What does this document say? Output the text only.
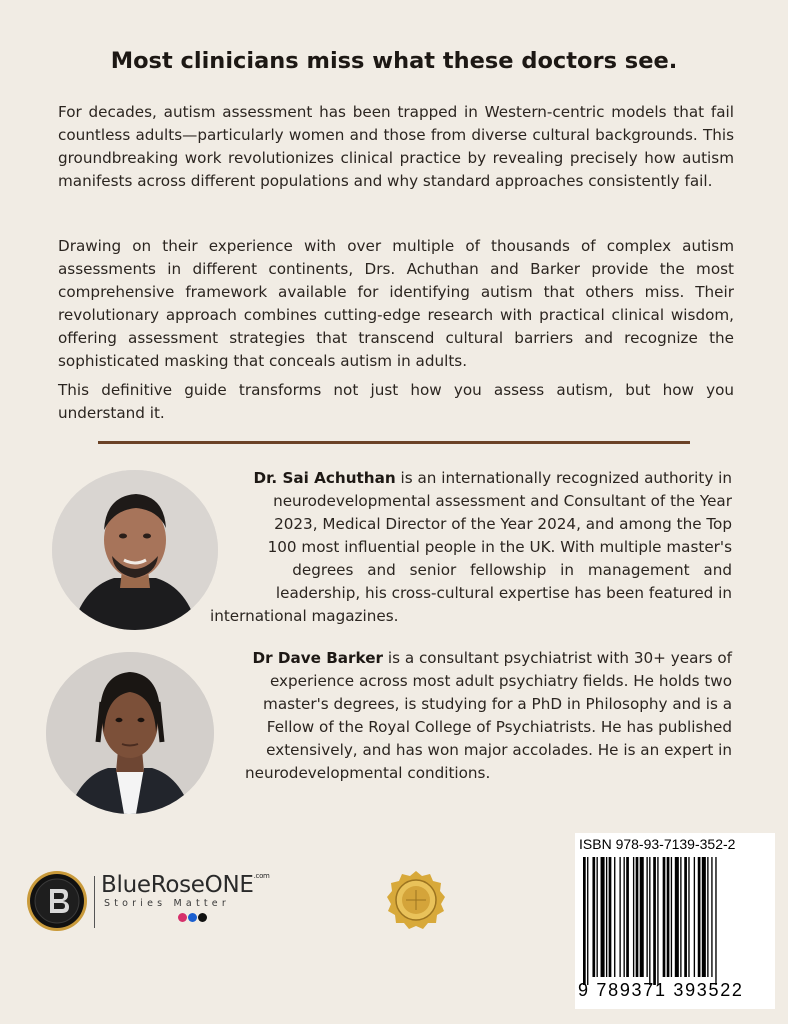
Most clinicians miss what these doctors see.

For decades, autism assessment has been trapped in Western-centric models that fail countless adults—particularly women and those from diverse cultural backgrounds. This groundbreaking work revolutionizes clinical practice by revealing precisely how autism manifests across different populations and why standard approaches consistently fail.

Drawing on their experience with over multiple of thousands of complex autism assessments in different continents, Drs. Achuthan and Barker provide the most comprehensive framework available for identifying autism that others miss. Their revolutionary approach combines cutting-edge research with practical clinical wisdom, offering assessment strategies that transcend cultural barriers and recognize the sophisticated masking that conceals autism in adults.

This definitive guide transforms not just how you assess autism, but how you understand it.

Dr. Sai Achuthan is an internationally recognized authority in
neurodevelopmental assessment and Consultant of the Year
2023, Medical Director of the Year 2024, and among the Top
100 most influential people in the UK. With multiple master's
degrees and senior fellowship in management and
leadership, his cross-cultural expertise has been featured in
international magazines.

Dr Dave Barker is a consultant psychiatrist with 30+ years of
experience across most adult psychiatry fields. He holds two
master's degrees, is studying for a PhD in Philosophy and is a
Fellow of the Royal College of Psychiatrists. He has published
extensively, and has won major accolades. He is an expert in
neurodevelopmental conditions.

BlueRoseONE$^{.com}$
Stories Matter
ISBN 978-93-7139-352-2
9 789371 393522
